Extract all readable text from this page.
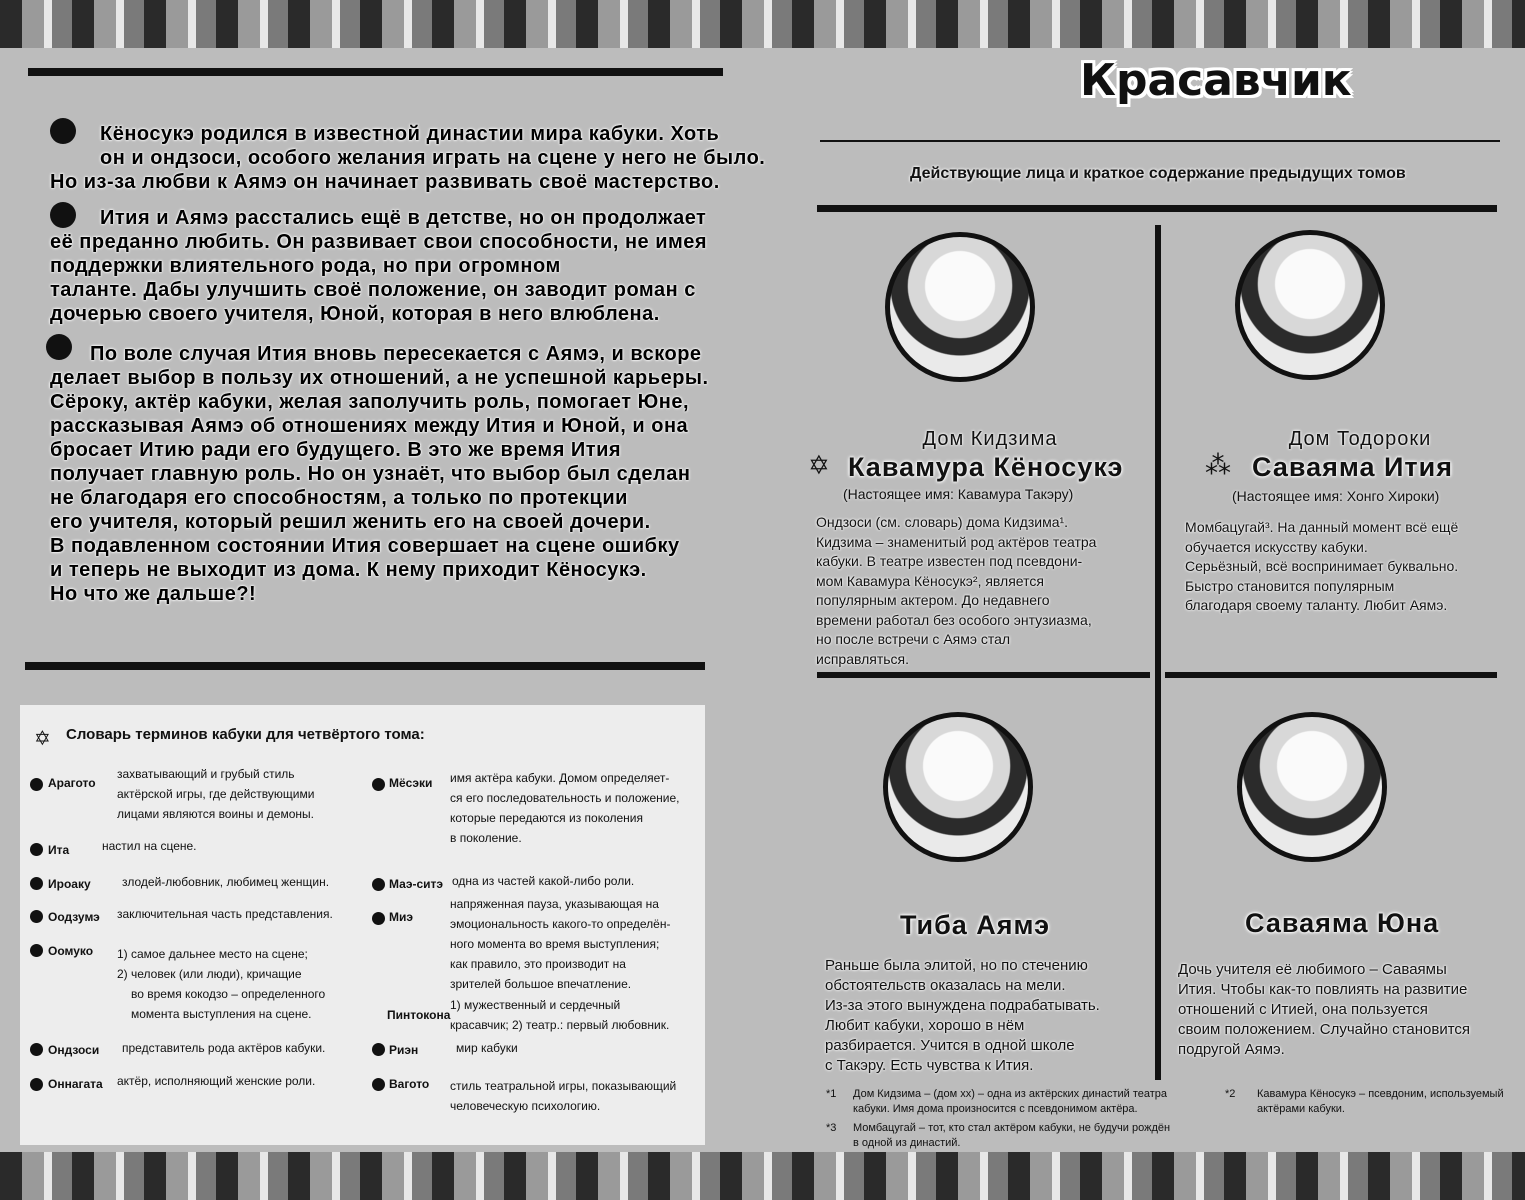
Кёносукэ родился в известной династии мира кабуки. Хоть
он и ондзоси, особого желания играть на сцене у него не было.
Но из-за любви к Аямэ он начинает развивать своё мастерство.
Ития и Аямэ расстались ещё в детстве, но он продолжает
её преданно любить. Он развивает свои способности, не имея
поддержки влиятельного рода, но при огромном
таланте. Дабы улучшить своё положение, он заводит роман с
дочерью своего учителя, Юной, которая в него влюблена.
По воле случая Ития вновь пересекается с Аямэ, и вскоре
делает выбор в пользу их отношений, а не успешной карьеры.
Сёроку, актёр кабуки, желая заполучить роль, помогает Юне,
рассказывая Аямэ об отношениях между Ития и Юной, и она
бросает Итию ради его будущего. В это же время Ития
получает главную роль. Но он узнаёт, что выбор был сделан
не благодаря его способностям, а только по протекции
его учителя, который решил женить его на своей дочери.
В подавленном состоянии Ития совершает на сцене ошибку
и теперь не выходит из дома. К нему приходит Кёносукэ.
Но что же дальше?!
✡ Словарь терминов кабуки для четвёртого тома:
Арагото
захватывающий и грубый стиль
актёрской игры, где действующими
лицами являются воины и демоны.
Ита	настил на сцене.
Ироаку	злодей-любовник, любимец женщин.
Оодзумэ заключительная часть представления.
Оомуко 1) самое дальнее место на сцене;
2) человек (или люди), кричащие
во время кокодзо – определенного
момента выступления на сцене.
Ондзоси представитель рода актёров кабуки.
Оннагата актёр, исполняющий женские роли.
Мёсэки имя актёра кабуки. Домом определяет-
ся его последовательность и положение,
которые передаются из поколения
в поколение.
Маэ-ситэ одна из частей какой-либо роли.
Миэ
напряженная пауза, указывающая на
эмоциональность какого-то определён-
ного момента во время выступления;
как правило, это производит на
зрителей большое впечатление.
Пинтокона
1) мужественный и сердечный
красавчик; 2) театр.: первый любовник.
Риэн	мир кабуки
Вагото стиль театральной игры, показывающий
человеческую психологию.
Красавчик
Действующие лица и краткое содержание предыдущих томов
Дом Кидзима
✡ Кавамура Кёносукэ
(Настоящее имя: Кавамура Такэру)
Ондзоси (см. словарь) дома Кидзима¹.
Кидзима – знаменитый род актёров театра
кабуки. В театре известен под псевдони-
мом Кавамура Кёносукэ², является
популярным актером. До недавнего
времени работал без особого энтузиазма,
но после встречи с Аямэ стал
исправляться.
Дом Тодороки
⁂ Саваяма Ития
(Настоящее имя: Хонго Хироки)
Момбацугай³. На данный момент всё ещё
обучается искусству кабуки.
Серьёзный, всё воспринимает буквально.
Быстро становится популярным
благодаря своему таланту. Любит Аямэ.
Тиба Аямэ
Раньше была элитой, но по стечению
обстоятельств оказалась на мели.
Из-за этого вынуждена подрабатывать.
Любит кабуки, хорошо в нём
разбирается. Учится в одной школе
с Такэру. Есть чувства к Ития.
Саваяма Юна
Дочь учителя её любимого – Саваямы
Ития. Чтобы как-то повлиять на развитие
отношений с Итией, она пользуется
своим положением. Случайно становится
подругой Аямэ.
*1 Дом Кидзима – (дом хх) – одна из актёрских династий театра
кабуки. Имя дома произносится с псевдонимом актёра.
*2 Кавамура Кёносукэ – псевдоним, используемый
актёрами кабуки.
*3 Момбацугай – тот, кто стал актёром кабуки, не будучи рождён
в одной из династий.
